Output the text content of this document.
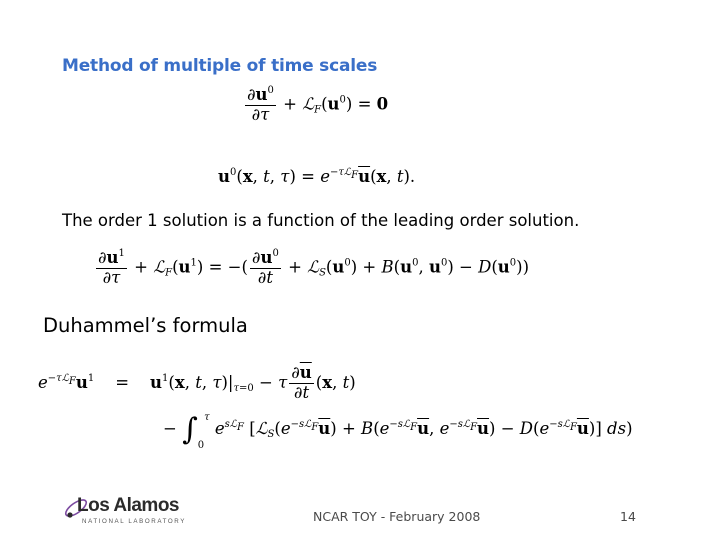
Method of multiple of time scales
$\frac{\partial u^0}{\partial\tau}$ + $ℒ_F(u^0) = 0$
$u^0(x$, t, $\tau) = e^{-\tau ℒ_F}\overline{u}(x$, t).
The order 1 solution is a function of the leading order solution.
$\frac{\partial u^1}{\partial\tau}$ + $ℒ_F(u^1)$ = −( $\frac{\partial u^0}{\partial t}$ + $ℒ_S(u^0) + B(u^0$, $u^0) - D(u^0)$)
Duhammel’s formula
$e^{-\tau ℒ_F}u^1$    =    $u^1(x$, t, $\tau)|_{\tau=0} - \tau \frac{\partial\overline{u}}{\partial t} (x$, t)
− $\int_0^\tau$ $e^{sℒ_F}$ [$ℒ_S(e^{-sℒ_F}\overline{u}) + B(e^{-sℒ_F}\overline{u}$, $e^{-sℒ_F}\overline{u}) - D(e^{-sℒ_F}\overline{u})$] ds)
Los Alamos
NATIONAL LABORATORY	NCAR TOY - February 2008	14
